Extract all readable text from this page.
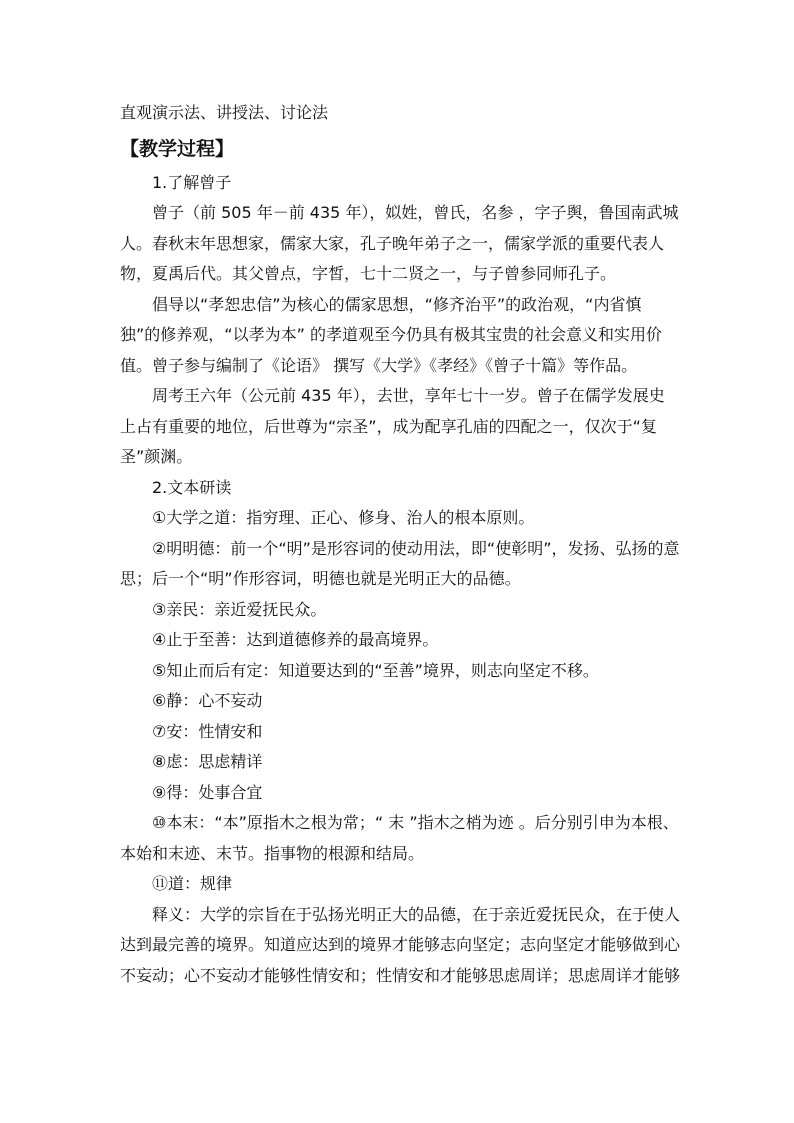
直观演示法、讲授法、讨论法

【教学过程】

1.了解曾子

曾子（前 505 年－前 435 年），姒姓，曾氏，名参 ，字子舆，鲁国南武城人。春秋末年思想家，儒家大家，孔子晚年弟子之一，儒家学派的重要代表人物，夏禹后代。其父曾点，字皙，七十二贤之一，与子曾参同师孔子。

倡导以“孝恕忠信”为核心的儒家思想，“修齐治平”的政治观，“内省慎独”的修养观，“以孝为本” 的孝道观至今仍具有极其宝贵的社会意义和实用价值。曾子参与编制了《论语》 撰写《大学》《孝经》《曾子十篇》等作品。

周考王六年（公元前 435 年），去世，享年七十一岁。曾子在儒学发展史上占有重要的地位，后世尊为“宗圣”，成为配享孔庙的四配之一，仅次于“复圣”颜渊。

2.文本研读

①大学之道：指穷理、正心、修身、治人的根本原则。

②明明德：前一个“明”是形容词的使动用法，即“使彰明”，发扬、弘扬的意思；后一个“明”作形容词，明德也就是光明正大的品德。

③亲民：亲近爱抚民众。

④止于至善：达到道德修养的最高境界。

⑤知止而后有定：知道要达到的“至善”境界，则志向坚定不移。

⑥静：心不妄动

⑦安：性情安和

⑧虑：思虑精详

⑨得：处事合宜

⑩本末：“本”原指木之根为常；“ 末 ”指木之梢为迹 。后分别引申为本根、本始和末迹、末节。指事物的根源和结局。

⑪道：规律

释义：大学的宗旨在于弘扬光明正大的品德，在于亲近爱抚民众，在于使人达到最完善的境界。知道应达到的境界才能够志向坚定；志向坚定才能够做到心不妄动；心不妄动才能够性情安和；性情安和才能够思虑周详；思虑周详才能够
